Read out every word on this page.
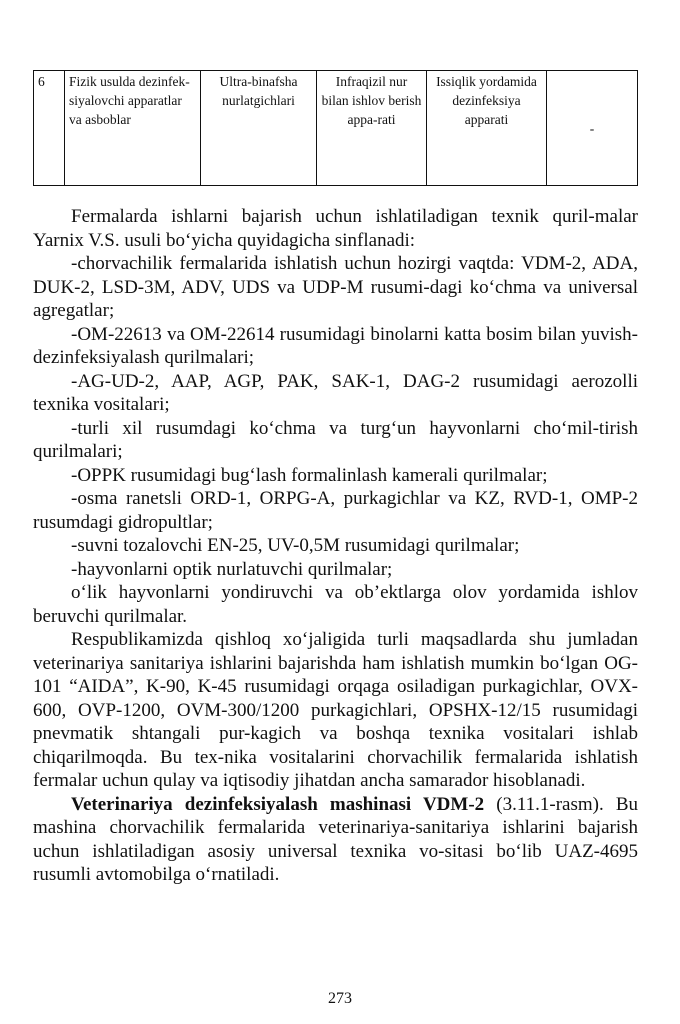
6	Fizik usulda dezinfek-siyalovchi apparatlar va asboblar	Ultra-binafsha nurlatgichlari	Infraqizil nur bilan ishlov berish appa-rati	Issiqlik yordamida dezinfeksiya apparati	-

Fermalarda ishlarni bajarish uchun ishlatiladigan texnik quril-malar Yarnix V.S. usuli bo‘yicha quyidagicha sinflanadi:

-chorvachilik fermalarida ishlatish uchun hozirgi vaqtda: VDM-2, ADA, DUK-2, LSD-3M, ADV, UDS va UDP-M rusumi-dagi ko‘chma va universal agregatlar;

-OM-22613 va OM-22614 rusumidagi binolarni katta bosim bilan yuvish- dezinfeksiyalash qurilmalari;

-AG-UD-2, AAP, AGP, PAK, SAK-1, DAG-2 rusumidagi aerozolli texnika vositalari;

-turli xil rusumdagi ko‘chma va turg‘un hayvonlarni cho‘mil-tirish qurilmalari;

-OPPK rusumidagi bug‘lash formalinlash kamerali qurilmalar;

-osma ranetsli ORD-1, ORPG-A, purkagichlar va KZ, RVD-1, OMP-2 rusumdagi gidropultlar;

-suvni tozalovchi EN-25, UV-0,5M rusumidagi qurilmalar;

-hayvonlarni optik nurlatuvchi qurilmalar;

o‘lik hayvonlarni yondiruvchi va ob’ektlarga olov yordamida ishlov beruvchi qurilmalar.

Respublikamizda qishloq xo‘jaligida turli maqsadlarda shu jumladan veterinariya sanitariya ishlarini bajarishda ham ishlatish mumkin bo‘lgan OG-101 “AIDA”, K-90, K-45 rusumidagi orqaga osiladigan purkagichlar, OVX-600, OVP-1200, OVM-300/1200 purkagichlari, OPSHX-12/15 rusumidagi pnevmatik shtangali pur-kagich va boshqa texnika vositalari ishlab chiqarilmoqda. Bu tex-nika vositalarini chorvachilik fermalarida ishlatish fermalar uchun qulay va iqtisodiy jihatdan ancha samarador hisoblanadi.

Veterinariya dezinfeksiyalash mashinasi VDM-2 (3.11.1-rasm). Bu mashina chorvachilik fermalarida veterinariya-sanitariya ishlarini bajarish uchun ishlatiladigan asosiy universal texnika vo-sitasi bo‘lib UAZ-4695 rusumli avtomobilga o‘rnatiladi.

273
